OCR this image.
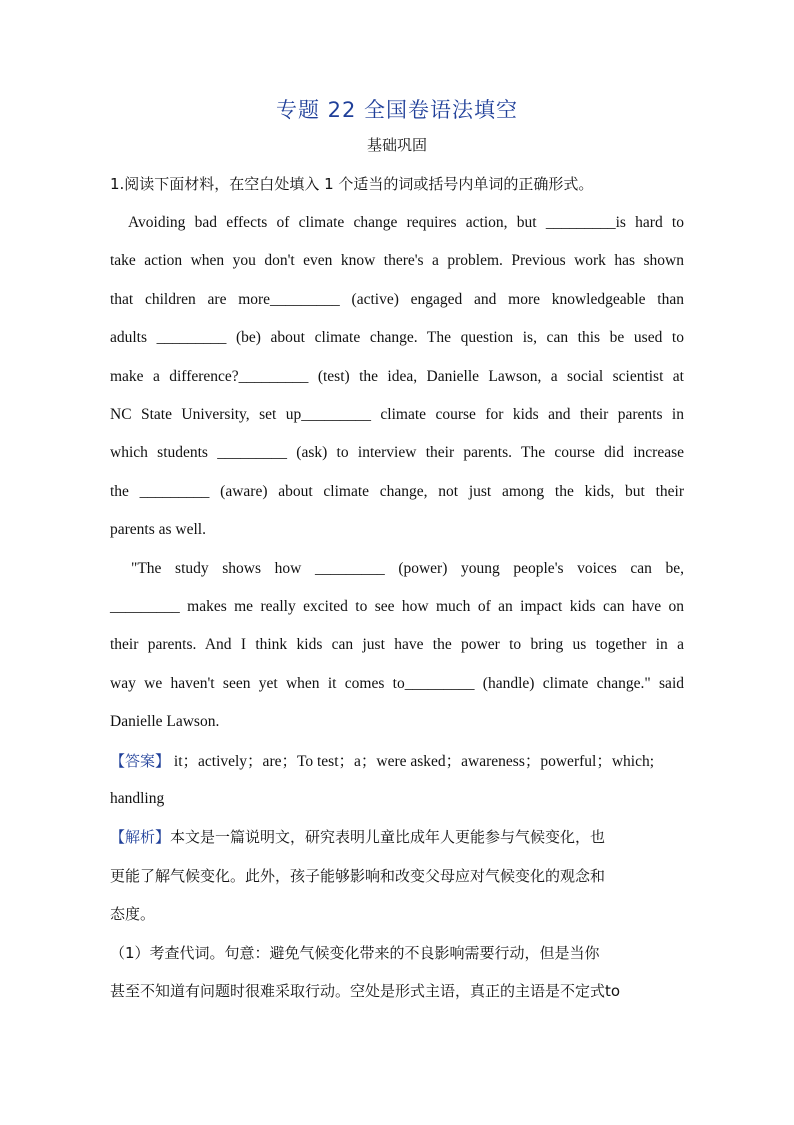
专题 22 全国卷语法填空
基础巩固
1.阅读下面材料，在空白处填入 1 个适当的词或括号内单词的正确形式。
Avoiding bad effects of climate change requires action, but _________is hard to
take action when you don't even know there's a problem. Previous work has shown
that children are more_________ (active) engaged and more knowledgeable than
adults _________ (be) about climate change. The question is, can this be used to
make a difference?_________ (test) the idea, Danielle Lawson, a social scientist at
NC State University, set up_________ climate course for kids and their parents in
which students _________ (ask) to interview their parents. The course did increase
the _________ (aware) about climate change, not just among the kids, but their
parents as well.
"The study shows how _________ (power) young people's voices can be,
_________ makes me really excited to see how much of an impact kids can have on
their parents. And I think kids can just have the power to bring us together in a
way we haven't seen yet when it comes to_________ (handle) climate change." said
Danielle Lawson.
【答案】 it；actively；are；To test；a；were asked；awareness；powerful；which;
handling
【解析】本文是一篇说明文，研究表明儿童比成年人更能参与气候变化，也
更能了解气候变化。此外，孩子能够影响和改变父母应对气候变化的观念和
态度。
（1）考查代词。句意：避免气候变化带来的不良影响需要行动，但是当你
甚至不知道有问题时很难采取行动。空处是形式主语，真正的主语是不定式to
